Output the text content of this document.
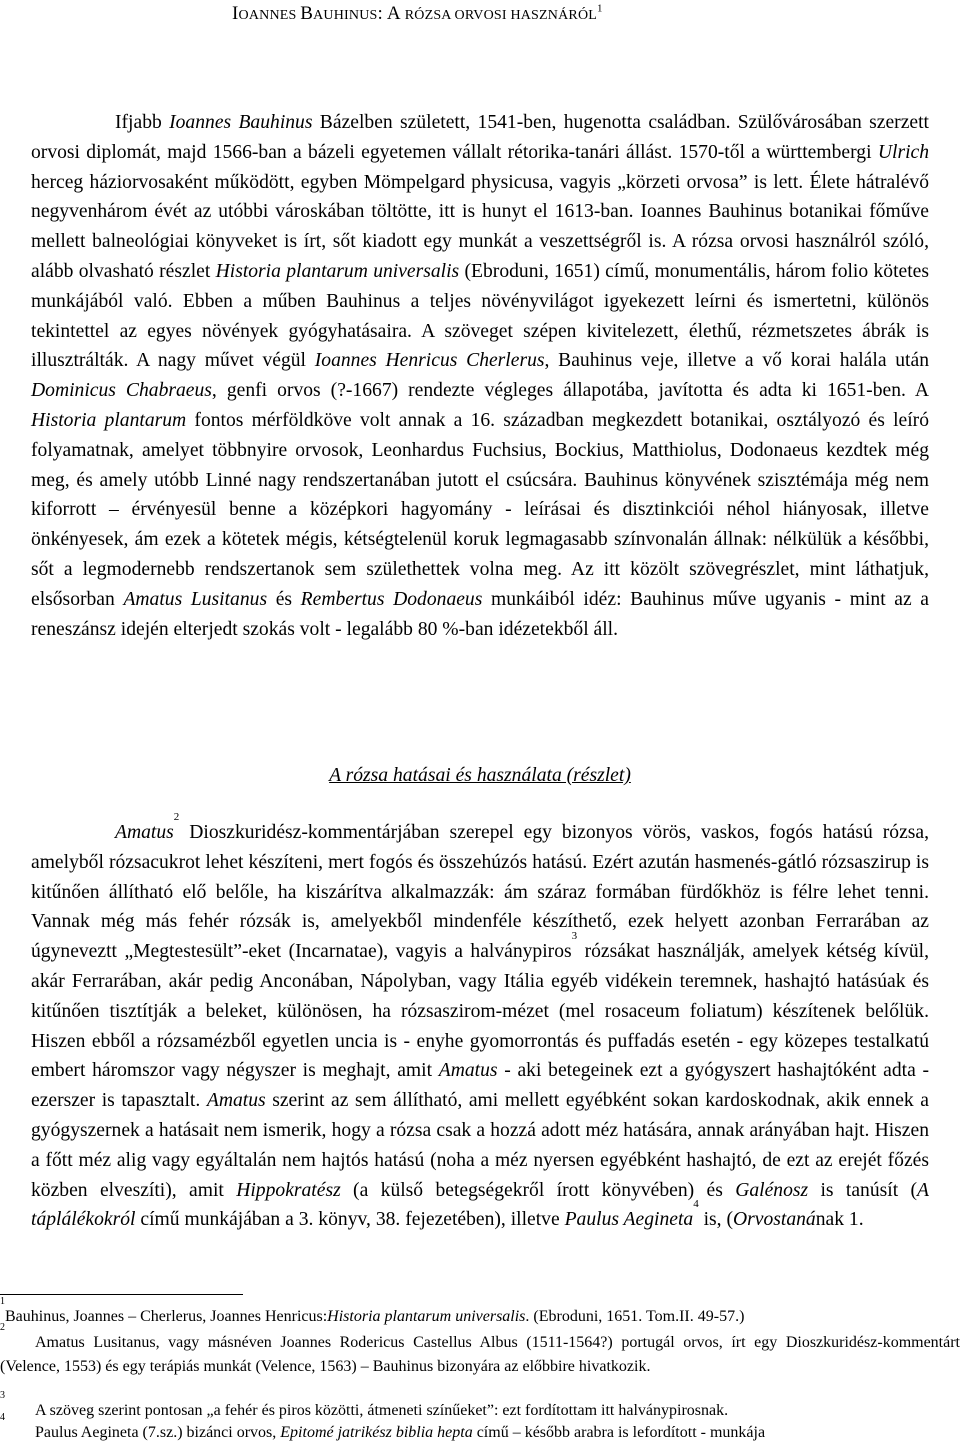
IOANNES BAUHINUS: A RÓZSA ORVOSI HASZNÁRÓL$^1$

Ifjabb Ioannes Bauhinus Bázelben született, 1541-ben, hugenotta családban. Szülővárosában szerzett orvosi diplomát, majd 1566-ban a bázeli egyetemen vállalt rétorika-tanári állást. 1570-től a württembergi Ulrich herceg háziorvosaként működött, egyben Mömpelgard physicusa, vagyis „körzeti orvosa” is lett. Élete hátralévő negyvenhárom évét az utóbbi városkában töltötte, itt is hunyt el 1613-ban. Ioannes Bauhinus botanikai főműve mellett balneológiai könyveket is írt, sőt kiadott egy munkát a veszettségről is. A rózsa orvosi használról szóló, alább olvasható részlet Historia plantarum universalis (Ebroduni, 1651) című, monumentális, három folio kötetes munkájából való. Ebben a műben Bauhinus a teljes növényvilágot igyekezett leírni és ismertetni, különös tekintettel az egyes növények gyógyhatásaira. A szöveget szépen kivitelezett, élethű, rézmetszetes ábrák is illusztrálták. A nagy művet végül Ioannes Henricus Cherlerus, Bauhinus veje, illetve a vő korai halála után Dominicus Chabraeus, genfi orvos (?-1667) rendezte végleges állapotába, javította és adta ki 1651-ben. A Historia plantarum fontos mérföldköve volt annak a 16. században megkezdett botanikai, osztályozó és leíró folyamatnak, amelyet többnyire orvosok, Leonhardus Fuchsius, Bockius, Matthiolus, Dodonaeus kezdtek még meg, és amely utóbb Linné nagy rendszertanában jutott el csúcsára. Bauhinus könyvének szisztémája még nem kiforrott – érvényesül benne a középkori hagyomány - leírásai és disztinkciói néhol hiányosak, illetve önkényesek, ám ezek a kötetek mégis, kétségtelenül koruk legmagasabb színvonalán állnak: nélkülük a későbbi, sőt a legmodernebb rendszertanok sem születhettek volna meg. Az itt közölt szövegrészlet, mint láthatjuk, elsősorban Amatus Lusitanus és Rembertus Dodonaeus munkáiból idéz: Bauhinus műve ugyanis - mint az a reneszánsz idején elterjedt szokás volt - legalább 80 %-ban idézetekből áll.

A rózsa hatásai és használata (részlet)

Amatus$^2$ Dioszkuridész-kommentárjában szerepel egy bizonyos vörös, vaskos, fogós hatású rózsa, amelyből rózsacukrot lehet készíteni, mert fogós és összehúzós hatású. Ezért azután hasmenés-gátló rózsaszirup is kitűnően állítható elő belőle, ha kiszárítva alkalmazzák: ám száraz formában fürdőkhöz is félre lehet tenni. Vannak még más fehér rózsák is, amelyekből mindenféle készíthető, ezek helyett azonban Ferrarában az úgyneveztt „Megtestesült”-eket (Incarnatae), vagyis a halványpiros$^3$ rózsákat használják, amelyek kétség kívül, akár Ferrarában, akár pedig Anconában, Nápolyban, vagy Itália egyéb vidékein teremnek, hashajtó hatásúak és kitűnően tisztítják a beleket, különösen, ha rózsaszirom-mézet (mel rosaceum foliatum) készítenek belőlük. Hiszen ebből a rózsamézből egyetlen uncia is - enyhe gyomorrontás és puffadás esetén - egy közepes testalkatú embert háromszor vagy négyszer is meghajt, amit Amatus - aki betegeinek ezt a gyógyszert hashajtóként adta - ezerszer is tapasztalt. Amatus szerint az sem állítható, ami mellett egyébként sokan kardoskodnak, akik ennek a gyógyszernek a hatásait nem ismerik, hogy a rózsa csak a hozzá adott méz hatására, annak arányában hajt. Hiszen a főtt méz alig vagy egyáltalán nem hajtós hatású (noha a méz nyersen egyébként hashajtó, de ezt az erejét főzés közben elveszíti), amit Hippokratész (a külső betegségekről írott könyvében) és Galénosz is tanúsít (A táplálékokról című munkájában a 3. könyv, 38. fejezetében), illetve Paulus Aegineta$^4$ is, (Orvostanának 1.

$^1$Bauhinus, Joannes – Cherlerus, Joannes Henricus:Historia plantarum universalis. (Ebroduni, 1651. Tom.II. 49-57.)

$^2$Amatus Lusitanus, vagy másnéven Joannes Rodericus Castellus Albus (1511-1564?) portugál orvos, írt egy Dioszkuridész-kommentárt (Velence, 1553) és egy terápiás munkát (Velence, 1563) – Bauhinus bizonyára az előbbire hivatkozik.

$^3$A szöveg szerint pontosan „a fehér és piros közötti, átmeneti színűeket”: ezt fordítottam itt halványpirosnak.

$^4$Paulus Aegineta (7.sz.) bizánci orvos, Epitomé jatrikész biblia hepta című – később arabra is lefordított - munkája
